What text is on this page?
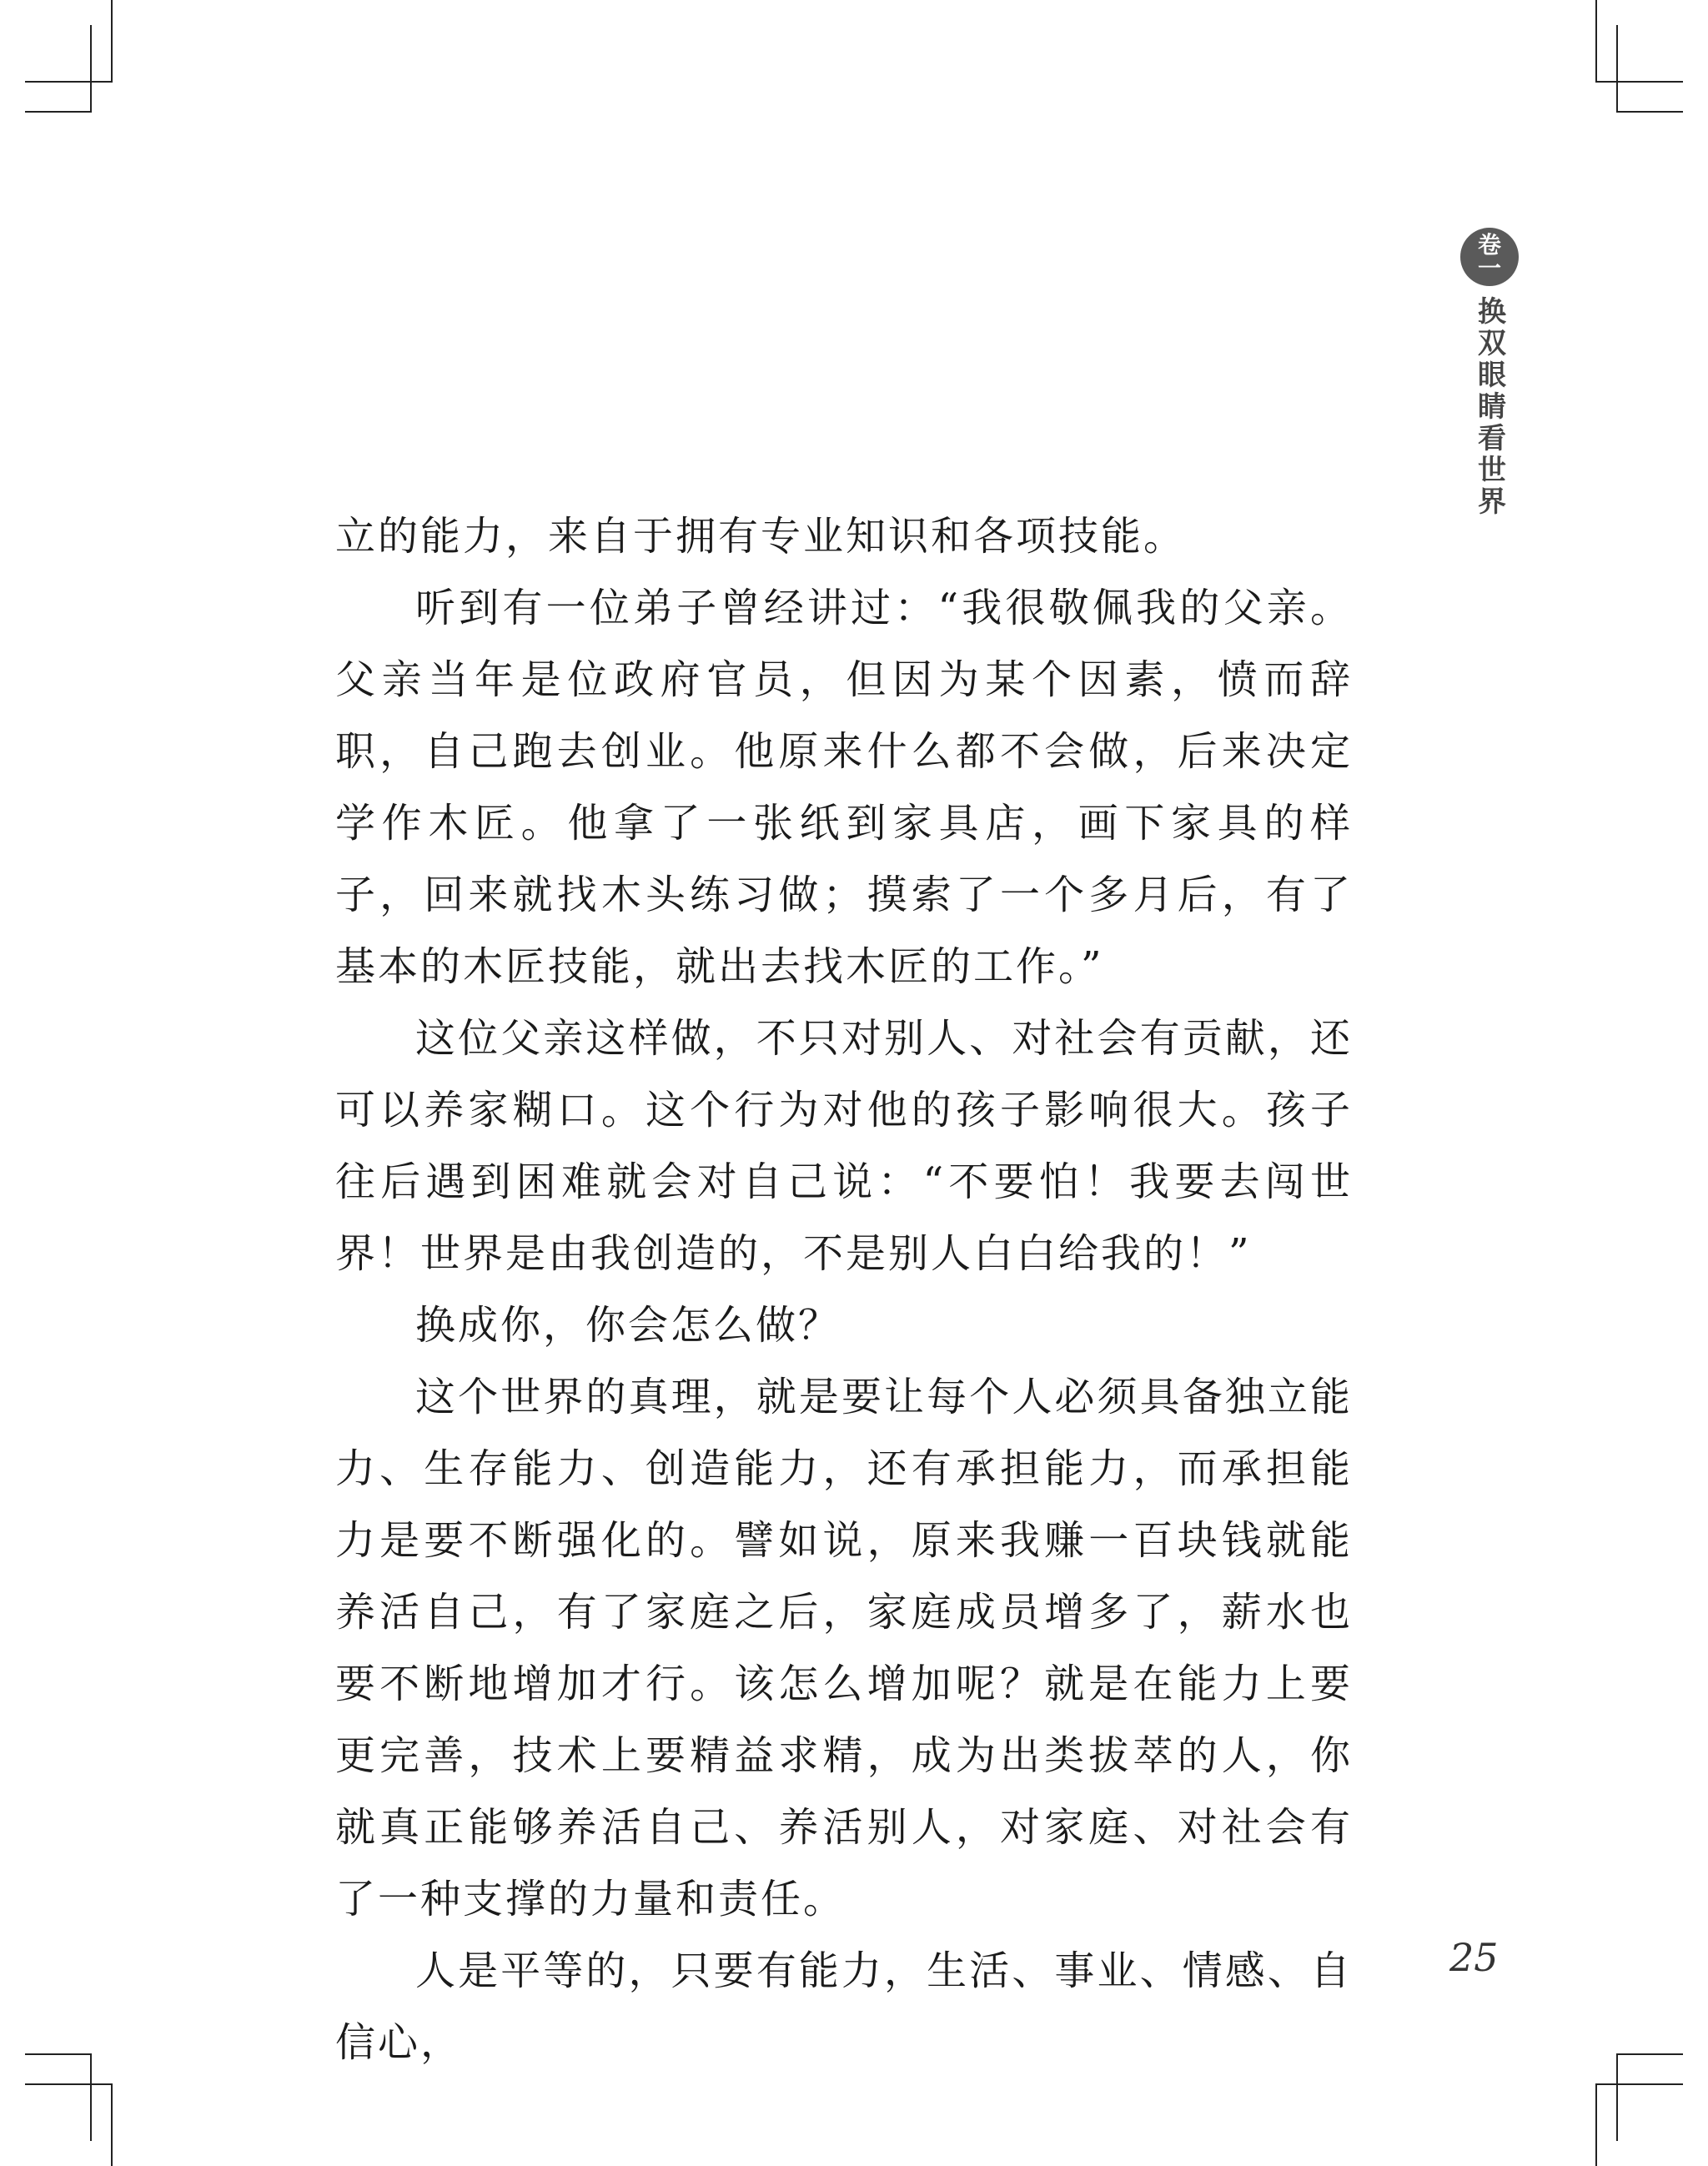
卷
一
换双眼睛看世界

立的能力，来自于拥有专业知识和各项技能。

听到有一位弟子曾经讲过：“我很敬佩我的父亲。父亲当年是位政府官员，但因为某个因素，愤而辞职，自己跑去创业。他原来什么都不会做，后来决定学作木匠。他拿了一张纸到家具店，画下家具的样子，回来就找木头练习做；摸索了一个多月后，有了基本的木匠技能，就出去找木匠的工作。”

这位父亲这样做，不只对别人、对社会有贡献，还可以养家糊口。这个行为对他的孩子影响很大。孩子往后遇到困难就会对自己说：“不要怕！我要去闯世界！世界是由我创造的，不是别人白白给我的！”

换成你，你会怎么做？

这个世界的真理，就是要让每个人必须具备独立能力、生存能力、创造能力，还有承担能力，而承担能力是要不断强化的。譬如说，原来我赚一百块钱就能养活自己，有了家庭之后，家庭成员增多了，薪水也要不断地增加才行。该怎么增加呢？就是在能力上要更完善，技术上要精益求精，成为出类拔萃的人，你就真正能够养活自己、养活别人，对家庭、对社会有了一种支撑的力量和责任。

人是平等的，只要有能力，生活、事业、情感、自信心，

25
